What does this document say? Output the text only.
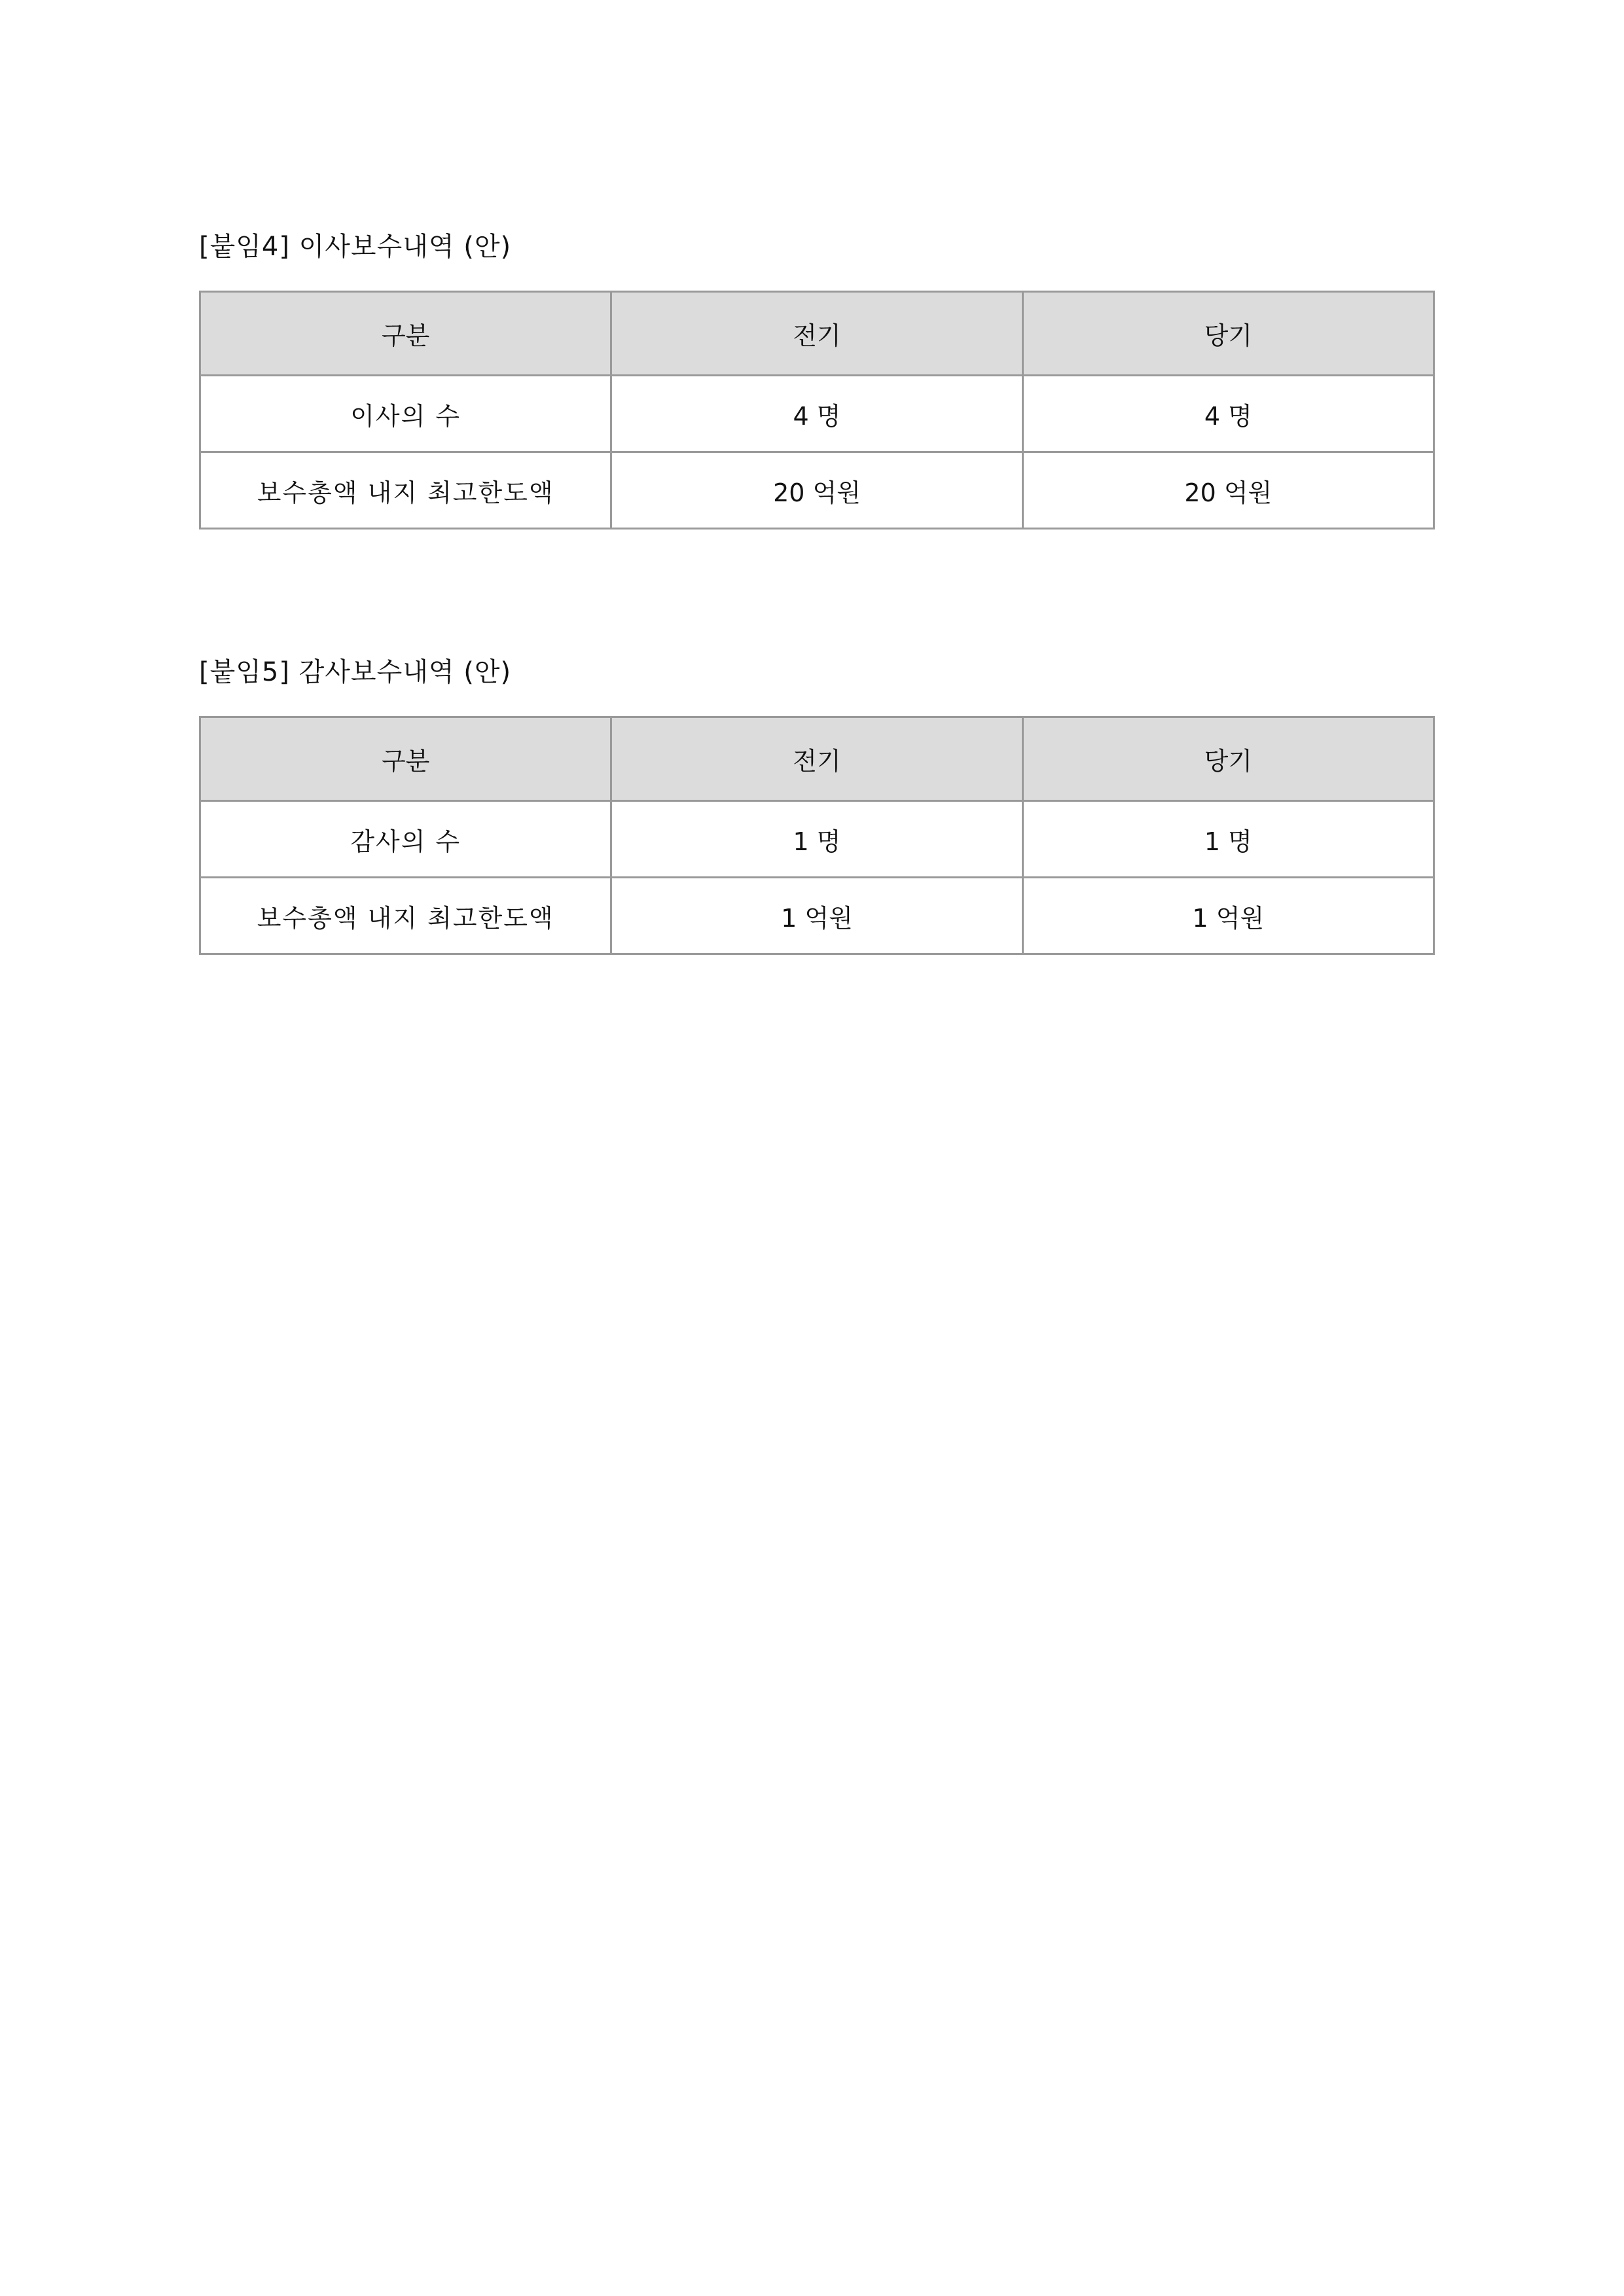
[붙임4] 이사보수내역 (안)
구분	전기	당기
이사의 수	4 명	4 명
보수총액 내지 최고한도액	20 억원	20 억원
[붙임5] 감사보수내역 (안)
구분	전기	당기
감사의 수	1 명	1 명
보수총액 내지 최고한도액	1 억원	1 억원
